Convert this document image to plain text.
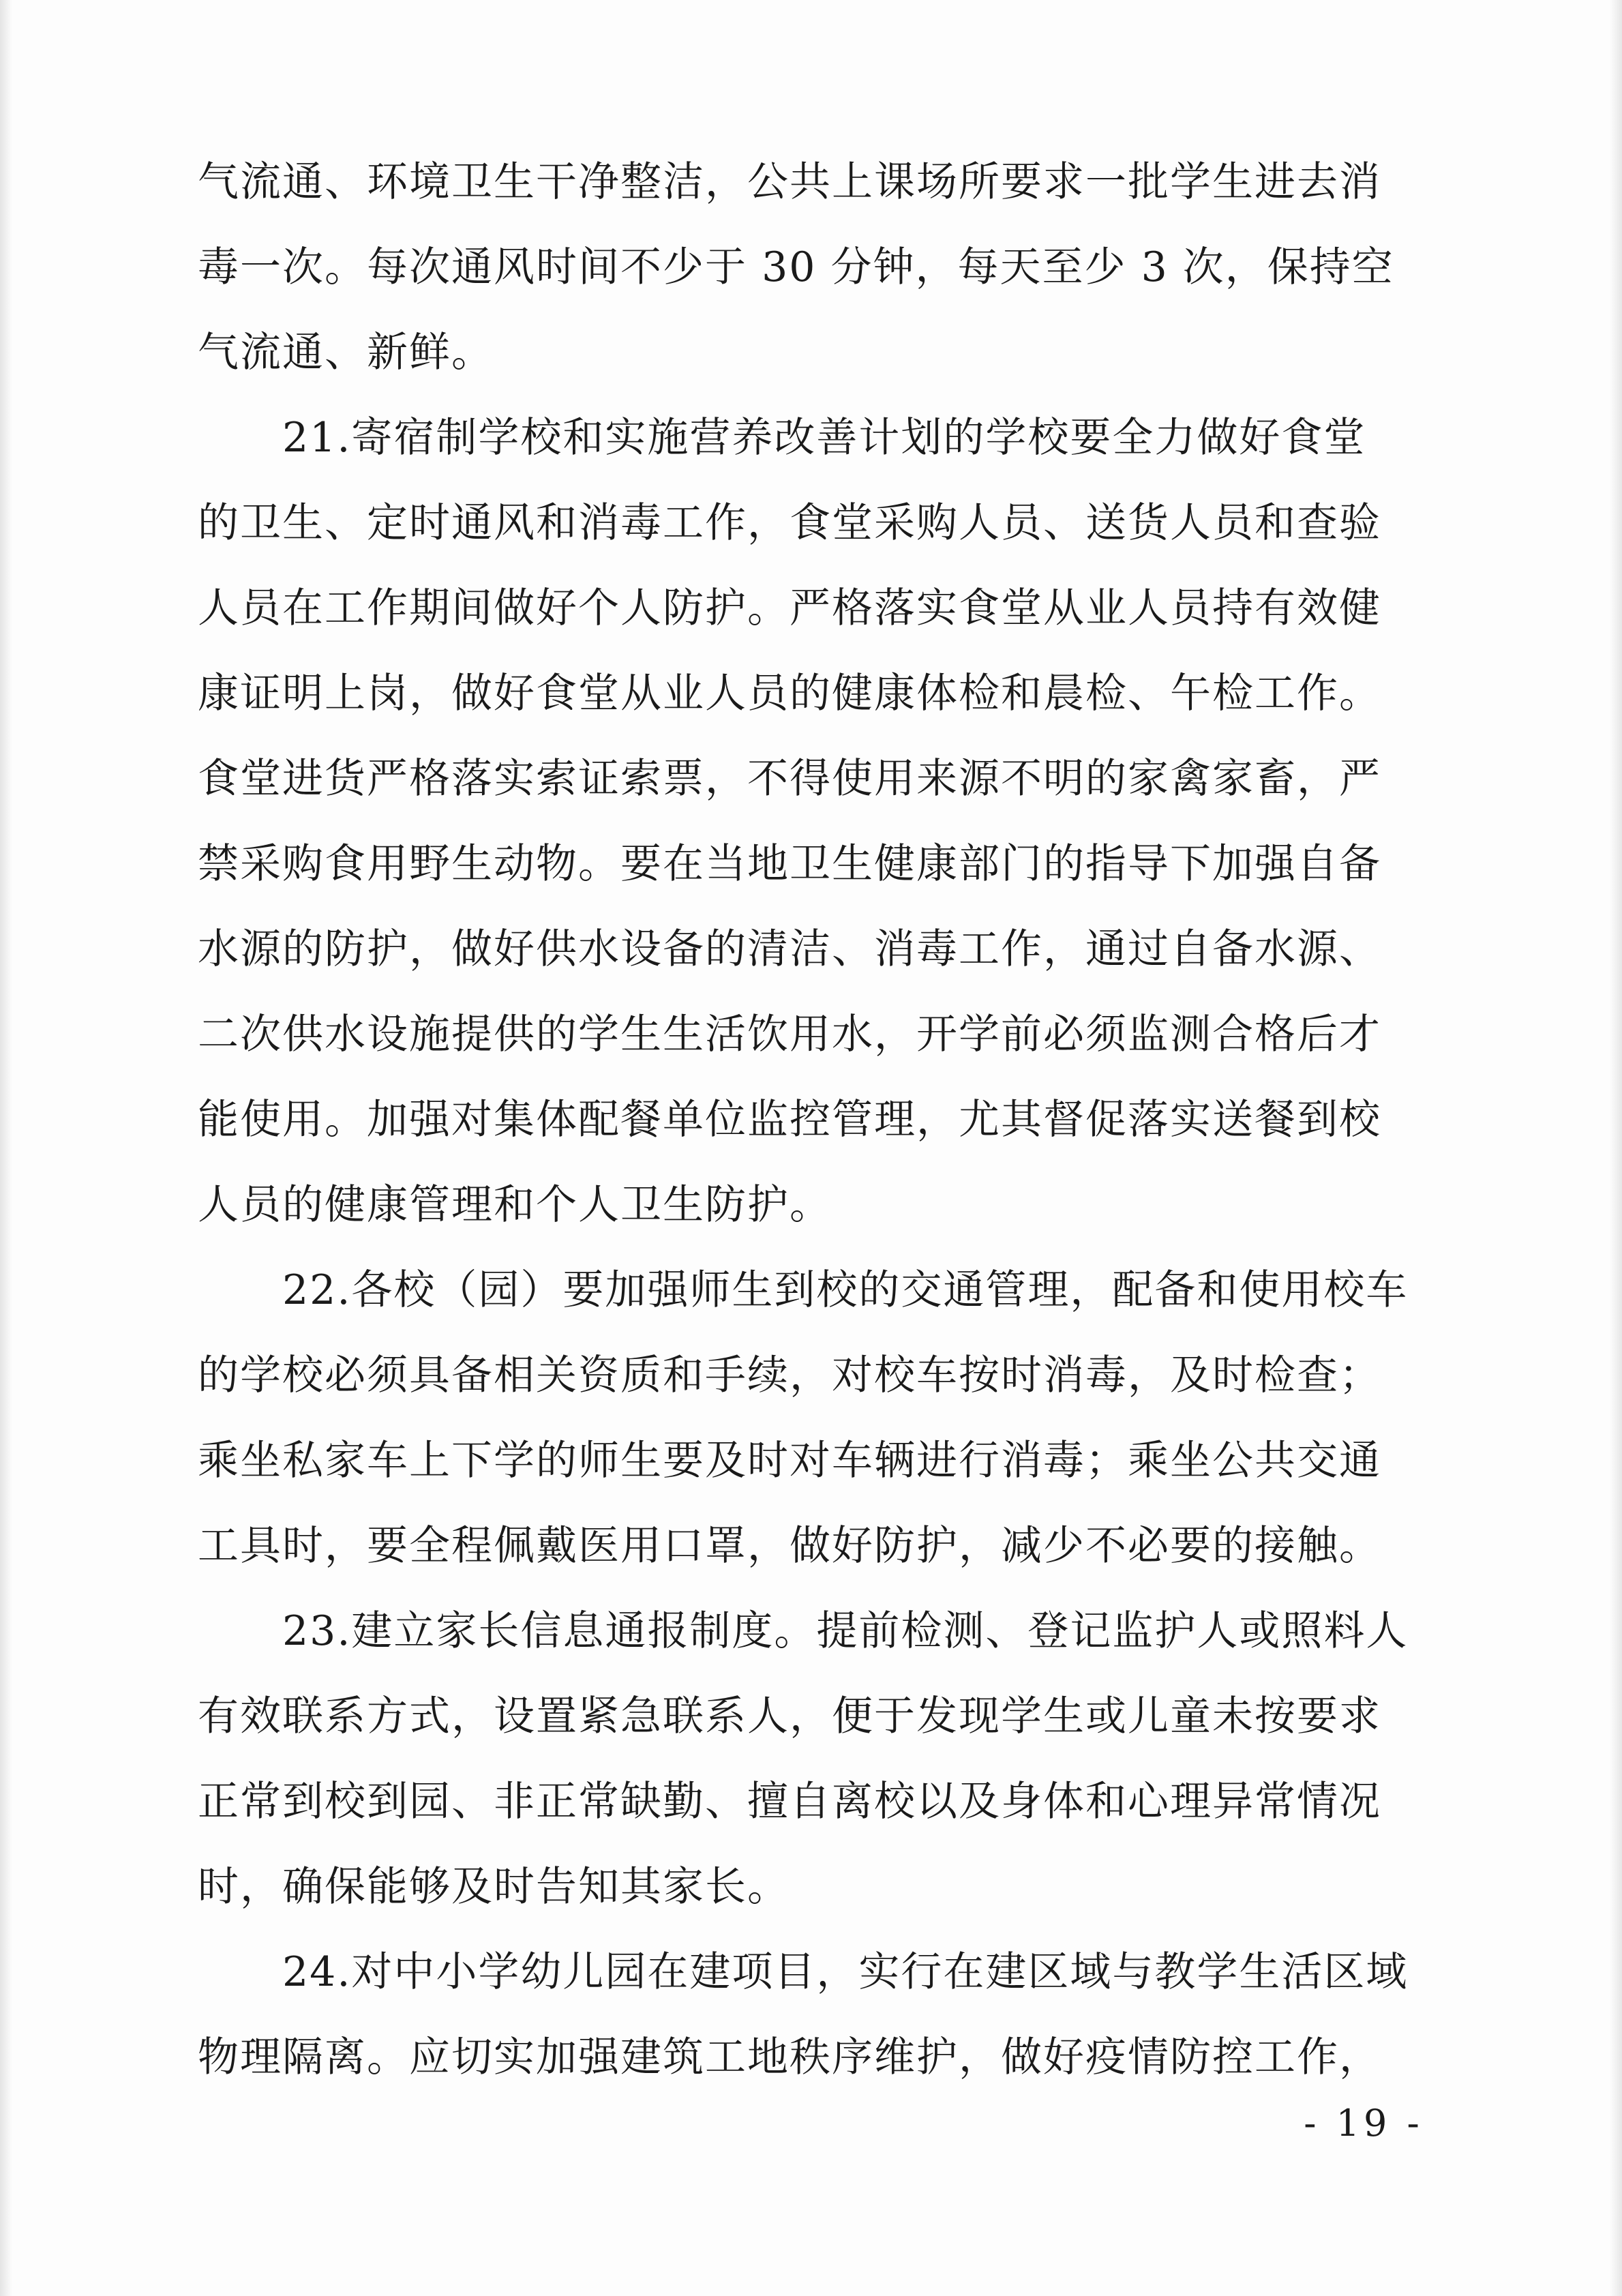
气流通、环境卫生干净整洁，公共上课场所要求一批学生进去消
毒一次。每次通风时间不少于 30 分钟，每天至少 3 次，保持空
气流通、新鲜。
　　21.寄宿制学校和实施营养改善计划的学校要全力做好食堂
的卫生、定时通风和消毒工作，食堂采购人员、送货人员和查验
人员在工作期间做好个人防护。严格落实食堂从业人员持有效健
康证明上岗，做好食堂从业人员的健康体检和晨检、午检工作。
食堂进货严格落实索证索票，不得使用来源不明的家禽家畜，严
禁采购食用野生动物。要在当地卫生健康部门的指导下加强自备
水源的防护，做好供水设备的清洁、消毒工作，通过自备水源、
二次供水设施提供的学生生活饮用水，开学前必须监测合格后才
能使用。加强对集体配餐单位监控管理，尤其督促落实送餐到校
人员的健康管理和个人卫生防护。
　　22.各校（园）要加强师生到校的交通管理，配备和使用校车
的学校必须具备相关资质和手续，对校车按时消毒，及时检查；
乘坐私家车上下学的师生要及时对车辆进行消毒；乘坐公共交通
工具时，要全程佩戴医用口罩，做好防护，减少不必要的接触。
　　23.建立家长信息通报制度。提前检测、登记监护人或照料人
有效联系方式，设置紧急联系人，便于发现学生或儿童未按要求
正常到校到园、非正常缺勤、擅自离校以及身体和心理异常情况
时，确保能够及时告知其家长。
　　24.对中小学幼儿园在建项目，实行在建区域与教学生活区域
物理隔离。应切实加强建筑工地秩序维护，做好疫情防控工作，
- 19 -
